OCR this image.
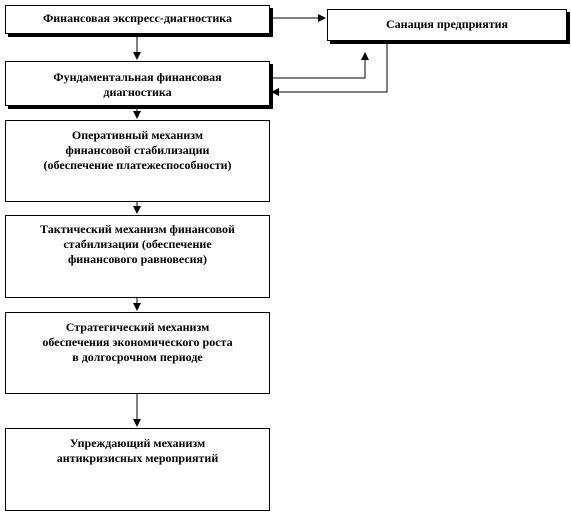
Финансовая экспресс-диагностика	Санация предприятия
Фундаментальная финансовая
диагностика
Оперативный механизм
финансовой стабилизации
(обеспечение платежеспособности)
Тактический механизм финансовой
стабилизации (обеспечение
финансового равновесия)
Стратегический механизм
обеспечения экономического роста
в долгосрочном периоде
Упреждающий механизм
антикризисных мероприятий
